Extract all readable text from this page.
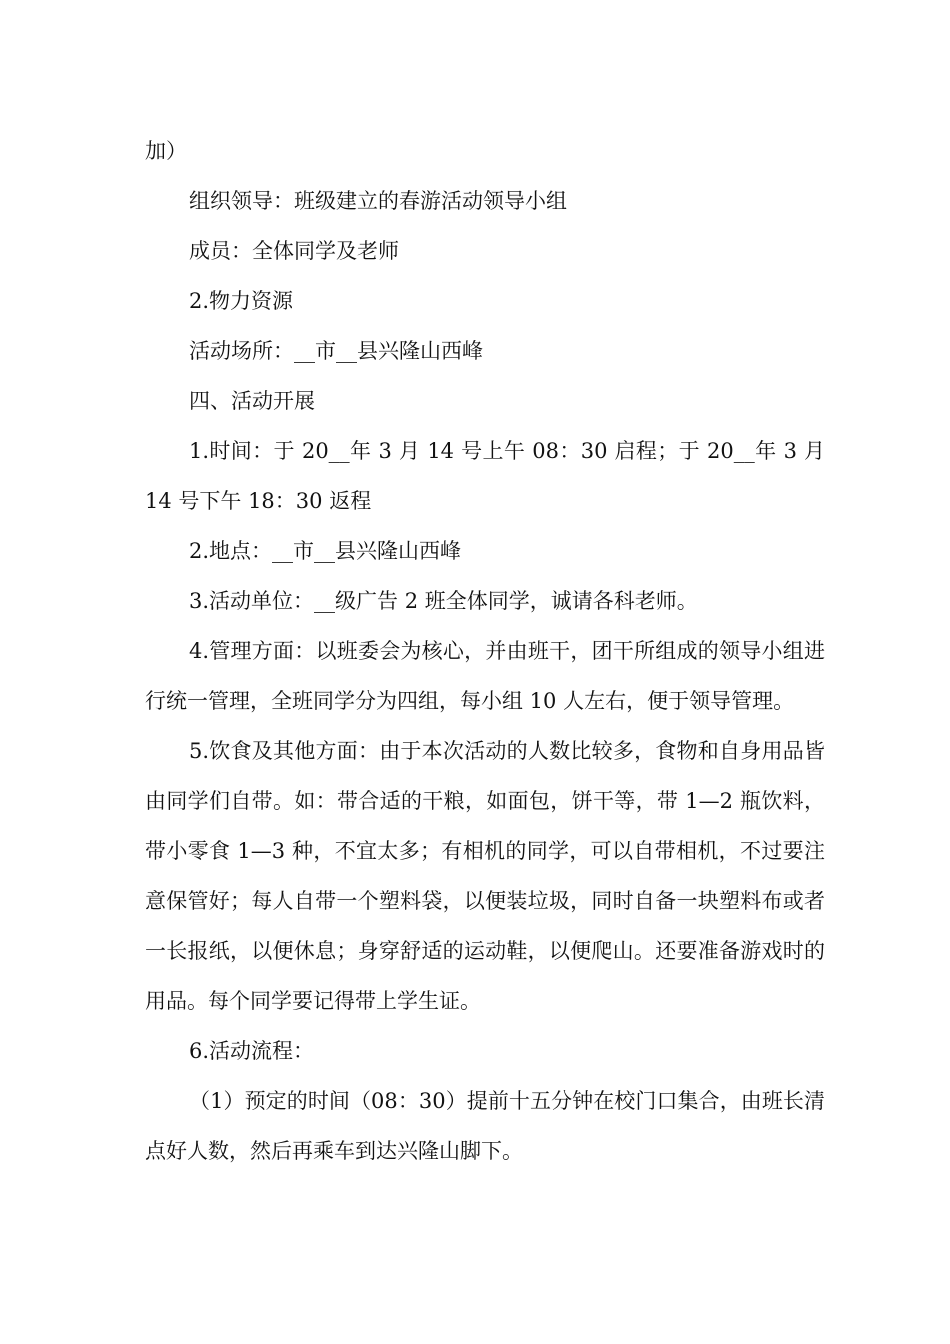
加）

组织领导：班级建立的春游活动领导小组

成员：全体同学及老师

2.物力资源

活动场所：__市__县兴隆山西峰

四、活动开展

1.时间：于 20__年 3 月 14 号上午 08：30 启程；于 20__年 3 月 14 号下午 18：30 返程

2.地点：__市__县兴隆山西峰

3.活动单位：__级广告 2 班全体同学，诚请各科老师。

4.管理方面：以班委会为核心，并由班干，团干所组成的领导小组进行统一管理，全班同学分为四组，每小组 10 人左右，便于领导管理。

5.饮食及其他方面：由于本次活动的人数比较多，食物和自身用品皆由同学们自带。如：带合适的干粮，如面包，饼干等，带 1—2 瓶饮料，带小零食 1—3 种，不宜太多；有相机的同学，可以自带相机，不过要注意保管好；每人自带一个塑料袋，以便装垃圾，同时自备一块塑料布或者一长报纸，以便休息；身穿舒适的运动鞋，以便爬山。还要准备游戏时的用品。每个同学要记得带上学生证。

6.活动流程：

（1）预定的时间（08：30）提前十五分钟在校门口集合，由班长清点好人数，然后再乘车到达兴隆山脚下。
